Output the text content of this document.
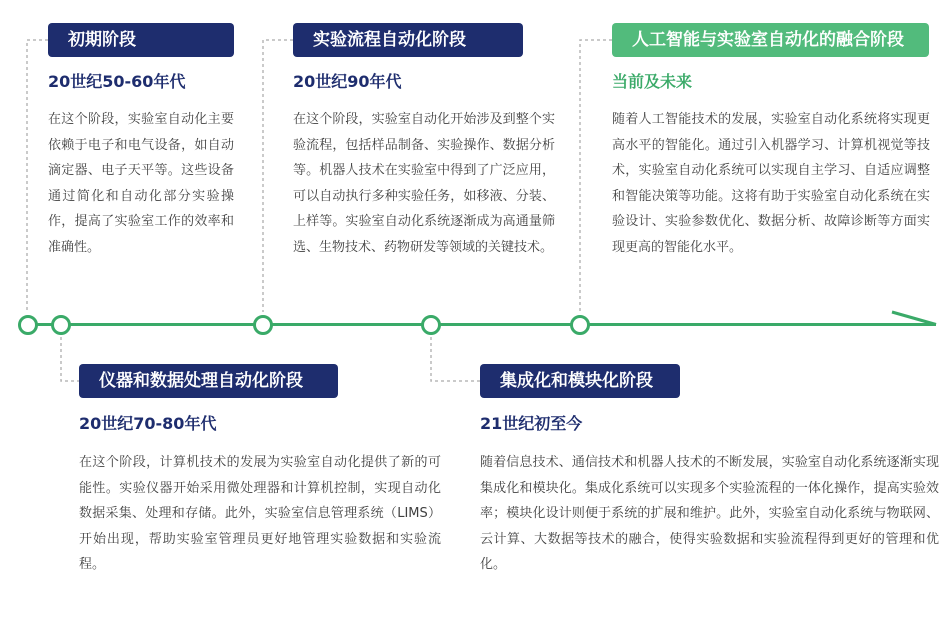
初期阶段
20世纪50-60年代
在这个阶段，实验室自动化主要依赖于电子和电气设备，如自动滴定器、电子天平等。这些设备通过简化和自动化部分实验操作，提高了实验室工作的效率和准确性。
仪器和数据处理自动化阶段
20世纪70-80年代
在这个阶段，计算机技术的发展为实验室自动化提供了新的可能性。实验仪器开始采用微处理器和计算机控制，实现自动化数据采集、处理和存储。此外，实验室信息管理系统（LIMS）开始出现，帮助实验室管理员更好地管理实验数据和实验流程。
实验流程自动化阶段
20世纪90年代
在这个阶段，实验室自动化开始涉及到整个实验流程，包括样品制备、实验操作、数据分析等。机器人技术在实验室中得到了广泛应用，可以自动执行多种实验任务，如移液、分装、上样等。实验室自动化系统逐渐成为高通量筛选、生物技术、药物研发等领域的关键技术。
集成化和模块化阶段
21世纪初至今
随着信息技术、通信技术和机器人技术的不断发展，实验室自动化系统逐渐实现集成化和模块化。集成化系统可以实现多个实验流程的一体化操作，提高实验效率；模块化设计则便于系统的扩展和维护。此外，实验室自动化系统与物联网、云计算、大数据等技术的融合，使得实验数据和实验流程得到更好的管理和优化。
人工智能与实验室自动化的融合阶段
当前及未来
随着人工智能技术的发展，实验室自动化系统将实现更高水平的智能化。通过引入机器学习、计算机视觉等技术，实验室自动化系统可以实现自主学习、自适应调整和智能决策等功能。这将有助于实验室自动化系统在实验设计、实验参数优化、数据分析、故障诊断等方面实现更高的智能化水平。
